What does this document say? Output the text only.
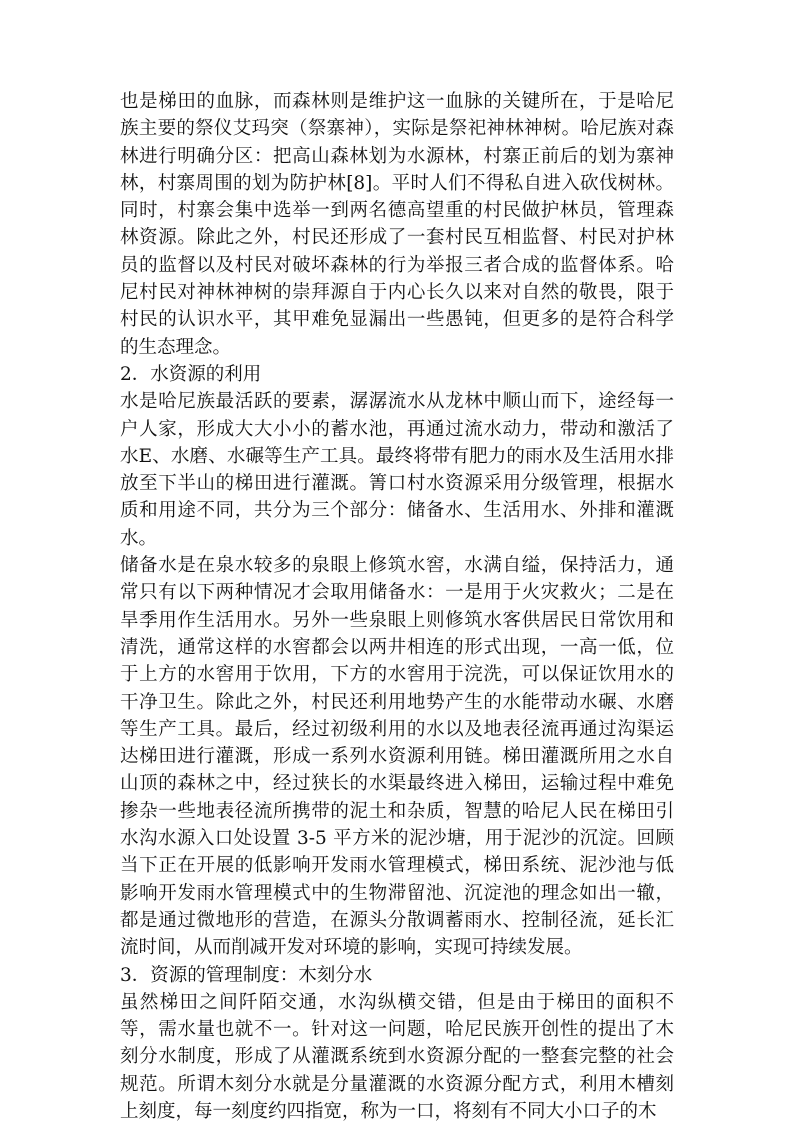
也是梯田的血脉，而森林则是维护这一血脉的关键所在，于是哈尼族主要的祭仪艾玛突（祭寨神），实际是祭祀神林神树。哈尼族对森林进行明确分区：把高山森林划为水源林，村寨正前后的划为寨神林，村寨周围的划为防护林[8]。平时人们不得私自进入砍伐树林。同时，村寨会集中选举一到两名德高望重的村民做护林员，管理森林资源。除此之外，村民还形成了一套村民互相监督、村民对护林员的监督以及村民对破坏森林的行为举报三者合成的监督体系。哈尼村民对神林神树的崇拜源自于内心长久以来对自然的敬畏，限于村民的认识水平，其甲难免显漏出一些愚钝，但更多的是符合科学的生态理念。

2．水资源的利用

水是哈尼族最活跃的要素，潺潺流水从龙林中顺山而下，途经每一户人家，形成大大小小的蓄水池，再通过流水动力，带动和激活了水E、水磨、水碾等生产工具。最终将带有肥力的雨水及生活用水排放至下半山的梯田进行灌溉。箐口村水资源采用分级管理，根据水质和用途不同，共分为三个部分：储备水、生活用水、外排和灌溉水。

储备水是在泉水较多的泉眼上修筑水窖，水满自缢，保持活力，通常只有以下两种情况才会取用储备水：一是用于火灾救火；二是在旱季用作生活用水。另外一些泉眼上则修筑水客供居民日常饮用和清洗，通常这样的水窖都会以两井相连的形式出现，一高一低，位于上方的水窖用于饮用，下方的水窖用于浣洗，可以保证饮用水的干净卫生。除此之外，村民还利用地势产生的水能带动水碾、水磨等生产工具。最后，经过初级利用的水以及地表径流再通过沟渠运达梯田进行灌溉，形成一系列水资源利用链。梯田灌溉所用之水自山顶的森林之中，经过狭长的水渠最终进入梯田，运输过程中难免掺杂一些地表径流所携带的泥土和杂质，智慧的哈尼人民在梯田引水沟水源入口处设置 3-5 平方米的泥沙塘，用于泥沙的沉淀。回顾当下正在开展的低影响开发雨水管理模式，梯田系统、泥沙池与低影响开发雨水管理模式中的生物滞留池、沉淀池的理念如出一辙，都是通过微地形的营造，在源头分散调蓄雨水、控制径流，延长汇流时间，从而削减开发对环境的影响，实现可持续发展。

3．资源的管理制度：木刻分水

虽然梯田之间阡陌交通，水沟纵横交错，但是由于梯田的面积不等，需水量也就不一。针对这一问题，哈尼民族开创性的提出了木刻分水制度，形成了从灌溉系统到水资源分配的一整套完整的社会规范。所谓木刻分水就是分量灌溉的水资源分配方式，利用木槽刻上刻度，每一刻度约四指宽，称为一口，将刻有不同大小口子的木
